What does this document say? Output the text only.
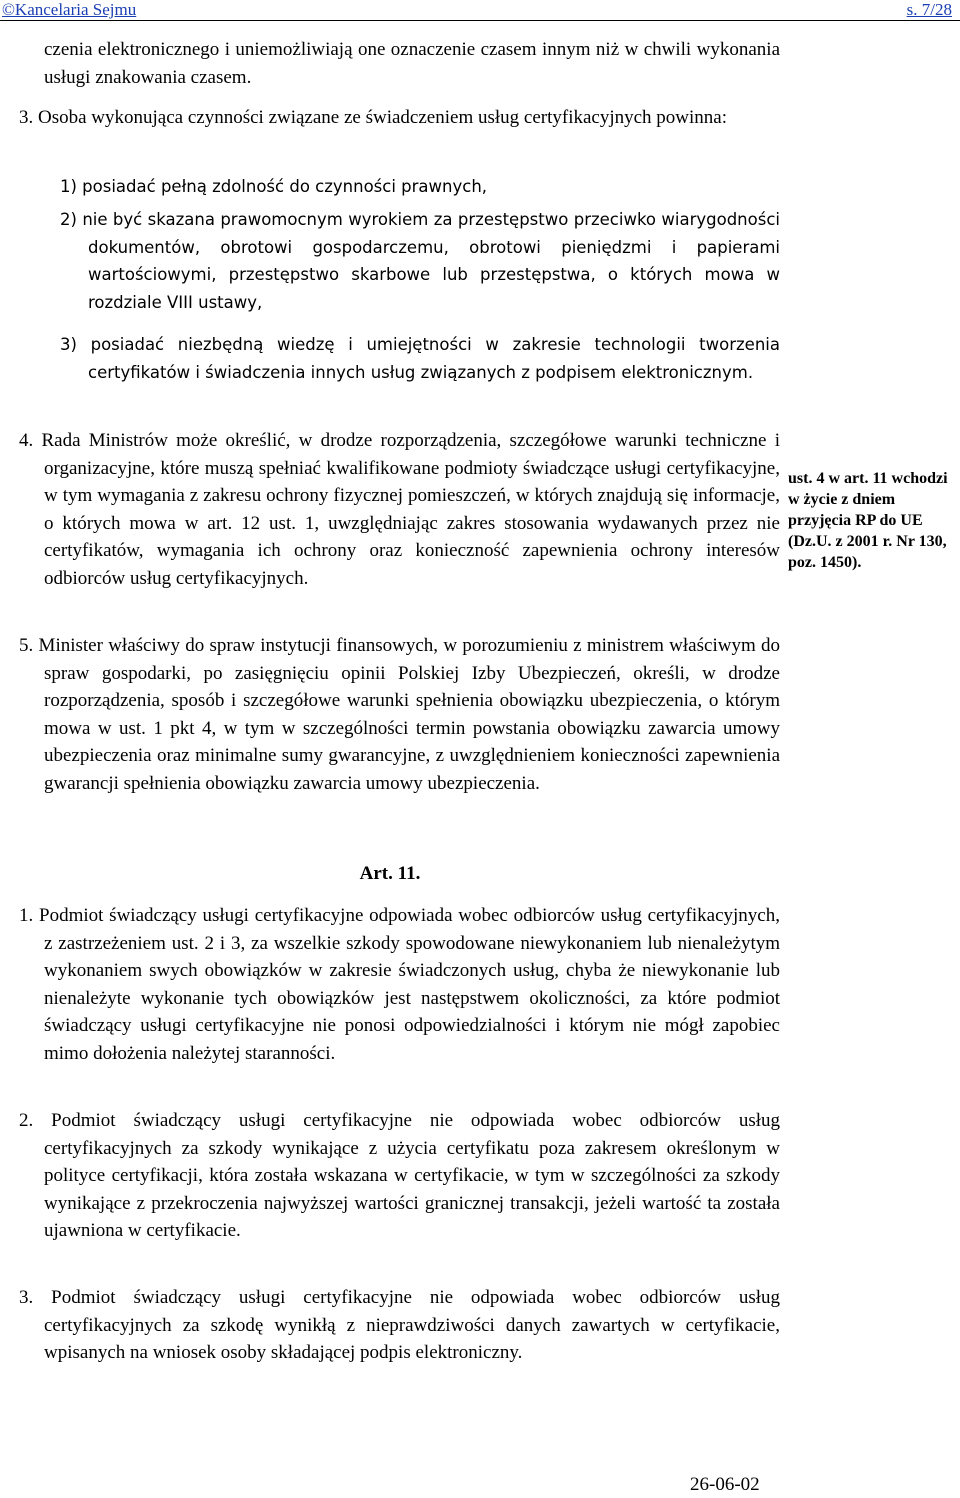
©Kancelaria Sejmu	s. 7/28
czenia elektronicznego i uniemożliwiają one oznaczenie czasem innym niż w chwili wykonania usługi znakowania czasem.
3. Osoba wykonująca czynności związane ze świadczeniem usług certyfikacyjnych powinna:
1) posiadać pełną zdolność do czynności prawnych,
2) nie być skazana prawomocnym wyrokiem za przestępstwo przeciwko wiarygodności dokumentów, obrotowi gospodarczemu, obrotowi pieniędzmi i papierami wartościowymi, przestępstwo skarbowe lub przestępstwa, o których mowa w rozdziale VIII ustawy,
3) posiadać niezbędną wiedzę i umiejętności w zakresie technologii tworzenia certyfikatów i świadczenia innych usług związanych z podpisem elektronicznym.
4. Rada Ministrów może określić, w drodze rozporządzenia, szczegółowe warunki techniczne i organizacyjne, które muszą spełniać kwalifikowane podmioty świadczące usługi certyfikacyjne, w tym wymagania z zakresu ochrony fizycznej pomieszczeń, w których znajdują się informacje, o których mowa w art. 12 ust. 1, uwzględniając zakres stosowania wydawanych przez nie certyfikatów, wymagania ich ochrony oraz konieczność zapewnienia ochrony interesów odbiorców usług certyfikacyjnych.
ust. 4 w art. 11 wchodzi w życie z dniem przyjęcia RP do UE (Dz.U. z 2001 r. Nr 130, poz. 1450).
5. Minister właściwy do spraw instytucji finansowych, w porozumieniu z ministrem właściwym do spraw gospodarki, po zasięgnięciu opinii Polskiej Izby Ubezpieczeń, określi, w drodze rozporządzenia, sposób i szczegółowe warunki spełnienia obowiązku ubezpieczenia, o którym mowa w ust. 1 pkt 4, w tym w szczególności termin powstania obowiązku zawarcia umowy ubezpieczenia oraz minimalne sumy gwarancyjne, z uwzględnieniem konieczności zapewnienia gwarancji spełnienia obowiązku zawarcia umowy ubezpieczenia.
Art. 11.
1. Podmiot świadczący usługi certyfikacyjne odpowiada wobec odbiorców usług certyfikacyjnych, z zastrzeżeniem ust. 2 i 3, za wszelkie szkody spowodowane niewykonaniem lub nienależytym wykonaniem swych obowiązków w zakresie świadczonych usług, chyba że niewykonanie lub nienależyte wykonanie tych obowiązków jest następstwem okoliczności, za które podmiot świadczący usługi certyfikacyjne nie ponosi odpowiedzialności i którym nie mógł zapobiec mimo dołożenia należytej staranności.
2. Podmiot świadczący usługi certyfikacyjne nie odpowiada wobec odbiorców usług certyfikacyjnych za szkody wynikające z użycia certyfikatu poza zakresem określonym w polityce certyfikacji, która została wskazana w certyfikacie, w tym w szczególności za szkody wynikające z przekroczenia najwyższej wartości granicznej transakcji, jeżeli wartość ta została ujawniona w certyfikacie.
3. Podmiot świadczący usługi certyfikacyjne nie odpowiada wobec odbiorców usług certyfikacyjnych za szkodę wynikłą z nieprawdziwości danych zawartych w certyfikacie, wpisanych na wniosek osoby składającej podpis elektroniczny.
26-06-02
